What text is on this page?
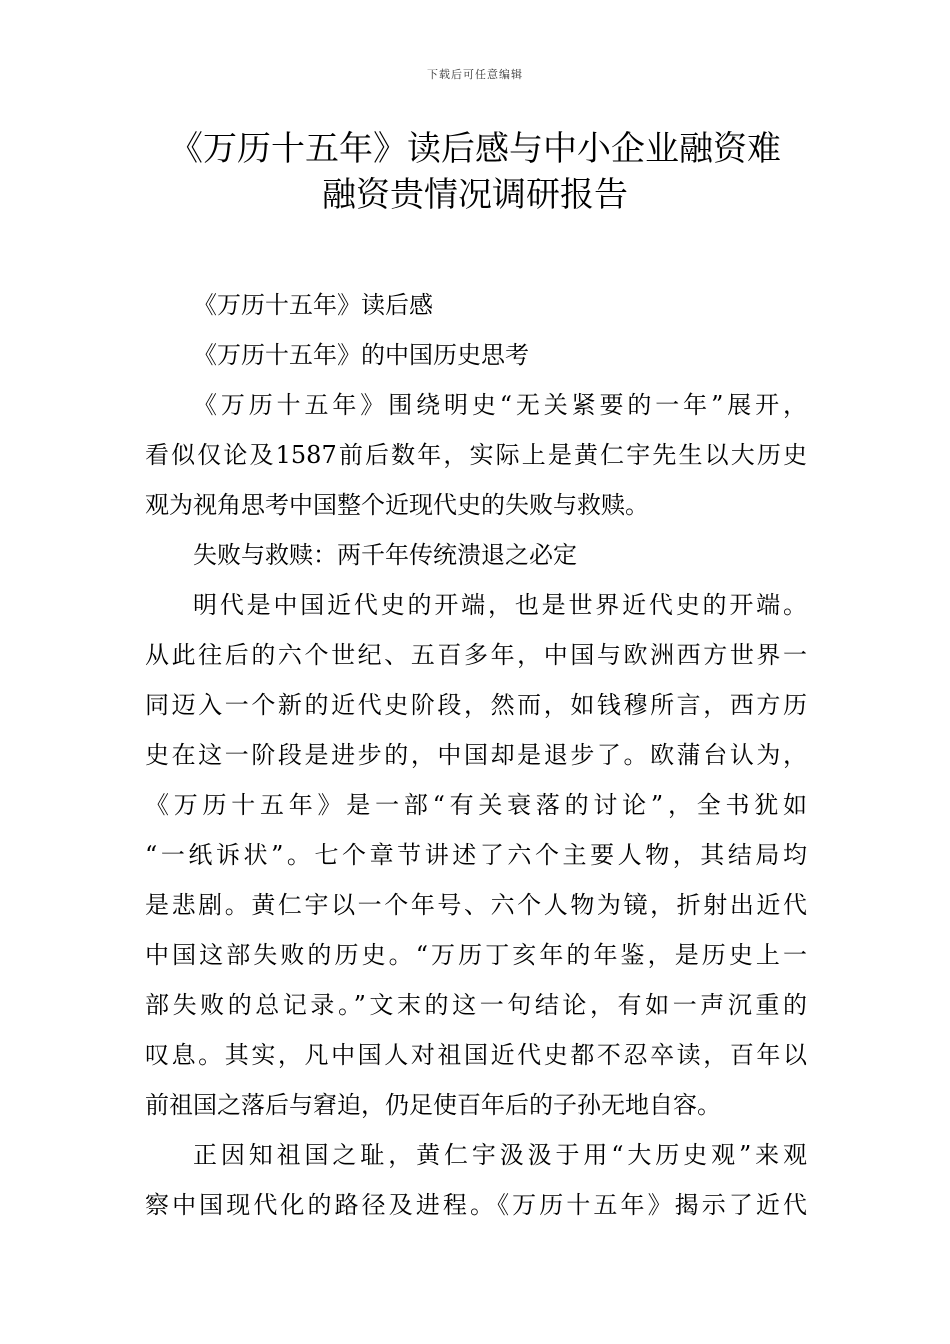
下载后可任意编辑
《万历十五年》读后感与中小企业融资难
融资贵情况调研报告
《万历十五年》读后感
《万历十五年》的中国历史思考
《万历十五年》围绕明史“无关紧要的一年”展开，
看似仅论及1587前后数年，实际上是黄仁宇先生以大历史
观为视角思考中国整个近现代史的失败与救赎。
失败与救赎：两千年传统溃退之必定
明代是中国近代史的开端，也是世界近代史的开端。
从此往后的六个世纪、五百多年，中国与欧洲西方世界一
同迈入一个新的近代史阶段，然而，如钱穆所言，西方历
史在这一阶段是进步的，中国却是退步了。欧蒲台认为，
《万历十五年》是一部“有关衰落的讨论”，全书犹如
“一纸诉状”。七个章节讲述了六个主要人物，其结局均
是悲剧。黄仁宇以一个年号、六个人物为镜，折射出近代
中国这部失败的历史。“万历丁亥年的年鉴，是历史上一
部失败的总记录。”文末的这一句结论，有如一声沉重的
叹息。其实，凡中国人对祖国近代史都不忍卒读，百年以
前祖国之落后与窘迫，仍足使百年后的子孙无地自容。
正因知祖国之耻，黄仁宇汲汲于用“大历史观”来观
察中国现代化的路径及进程。《万历十五年》揭示了近代
